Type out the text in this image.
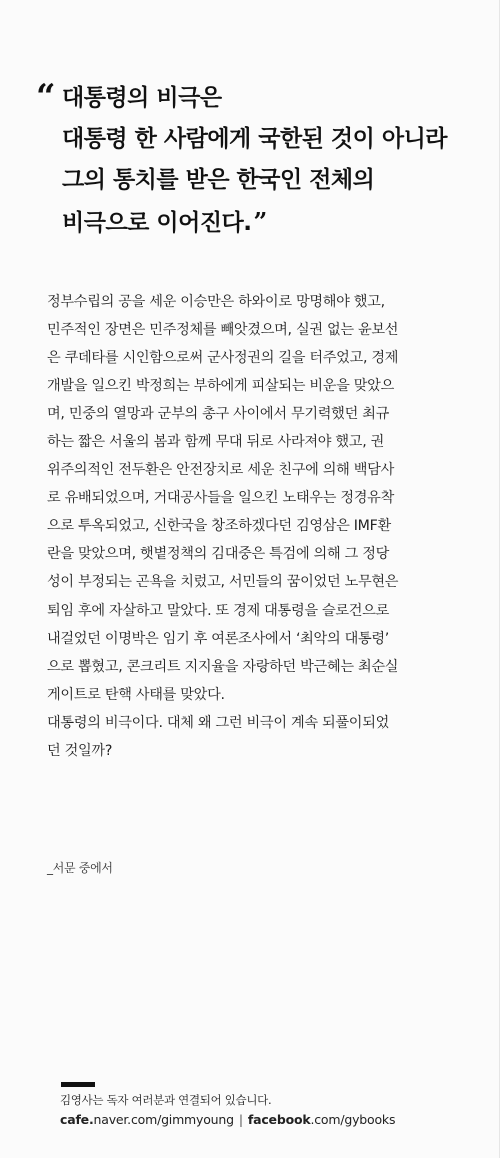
“ 대통령의 비극은
대통령 한 사람에게 국한된 것이 아니라
그의 통치를 받은 한국인 전체의
비극으로 이어진다.”
정부수립의 공을 세운 이승만은 하와이로 망명해야 했고,
민주적인 장면은 민주정체를 빼앗겼으며, 실권 없는 윤보선
은 쿠데타를 시인함으로써 군사정권의 길을 터주었고, 경제
개발을 일으킨 박정희는 부하에게 피살되는 비운을 맞았으
며, 민중의 열망과 군부의 총구 사이에서 무기력했던 최규
하는 짧은 서울의 봄과 함께 무대 뒤로 사라져야 했고, 권
위주의적인 전두환은 안전장치로 세운 친구에 의해 백담사
로 유배되었으며, 거대공사들을 일으킨 노태우는 정경유착
으로 투옥되었고, 신한국을 창조하겠다던 김영삼은 IMF환
란을 맞았으며, 햇볕정책의 김대중은 특검에 의해 그 정당
성이 부정되는 곤욕을 치렀고, 서민들의 꿈이었던 노무현은
퇴임 후에 자살하고 말았다. 또 경제 대통령을 슬로건으로
내걸었던 이명박은 임기 후 여론조사에서 ‘최악의 대통령’
으로 뽑혔고, 콘크리트 지지율을 자랑하던 박근혜는 최순실
게이트로 탄핵 사태를 맞았다.
대통령의 비극이다. 대체 왜 그런 비극이 계속 되풀이되었
던 것일까?
_서문 중에서
김영사는 독자 여러분과 연결되어 있습니다.
cafe.naver.com/gimmyoung | facebook.com/gybooks
